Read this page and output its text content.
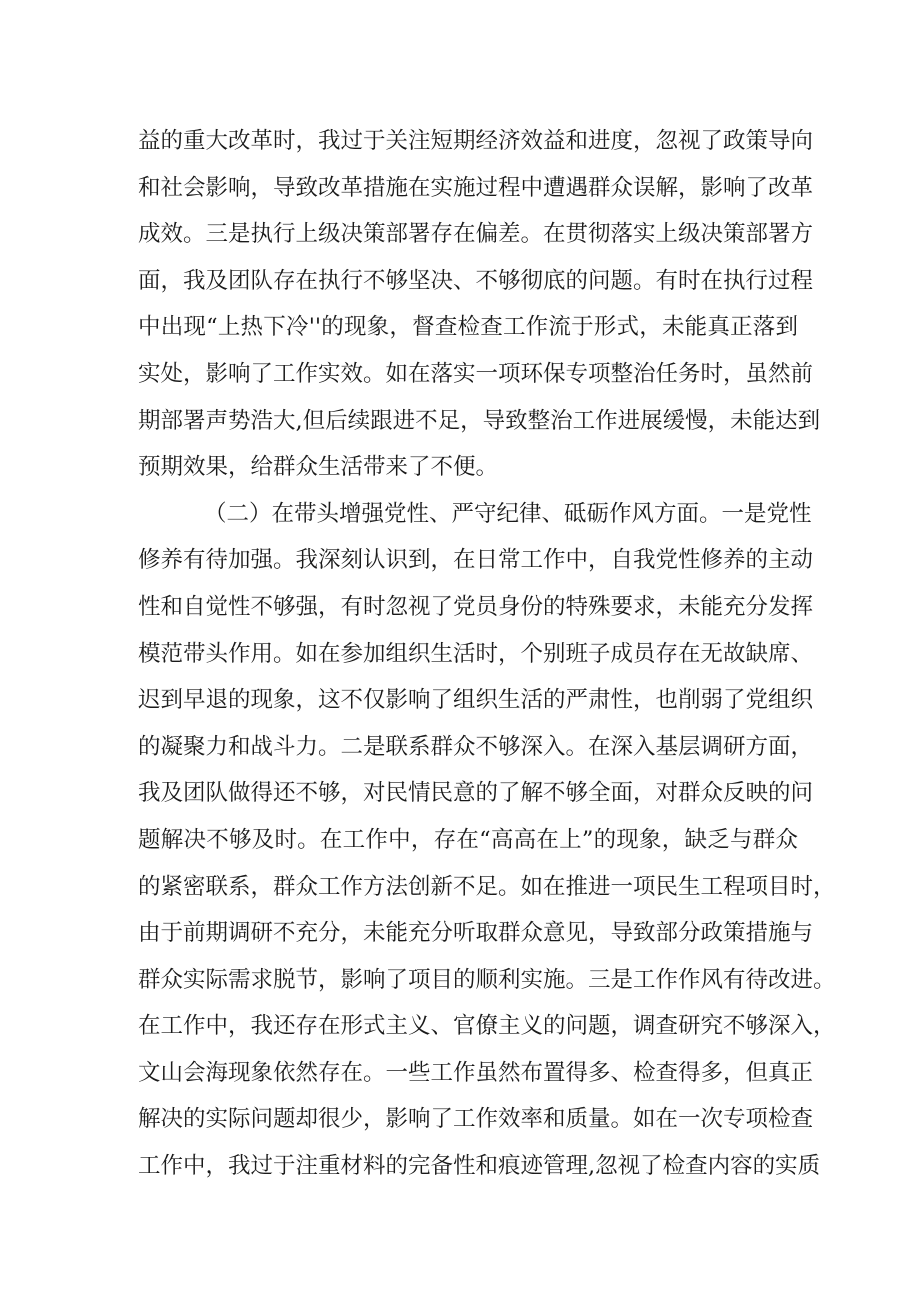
益的重大改革时，我过于关注短期经济效益和进度，忽视了政策导向
和社会影响，导致改革措施在实施过程中遭遇群众误解，影响了改革
成效。三是执行上级决策部署存在偏差。在贯彻落实上级决策部署方
面，我及团队存在执行不够坚决、不够彻底的问题。有时在执行过程
中出现“上热下冷''的现象，督查检查工作流于形式，未能真正落到
实处，影响了工作实效。如在落实一项环保专项整治任务时，虽然前
期部署声势浩大,但后续跟进不足，导致整治工作进展缓慢，未能达到
预期效果，给群众生活带来了不便。
（二）在带头增强党性、严守纪律、砥砺作风方面。一是党性
修养有待加强。我深刻认识到，在日常工作中，自我党性修养的主动
性和自觉性不够强，有时忽视了党员身份的特殊要求，未能充分发挥
模范带头作用。如在参加组织生活时，个别班子成员存在无故缺席、
迟到早退的现象，这不仅影响了组织生活的严肃性，也削弱了党组织
的凝聚力和战斗力。二是联系群众不够深入。在深入基层调研方面，
我及团队做得还不够，对民情民意的了解不够全面，对群众反映的问
题解决不够及时。在工作中，存在“高高在上”的现象，缺乏与群众
的紧密联系，群众工作方法创新不足。如在推进一项民生工程项目时，
由于前期调研不充分，未能充分听取群众意见，导致部分政策措施与
群众实际需求脱节，影响了项目的顺利实施。三是工作作风有待改进。
在工作中，我还存在形式主义、官僚主义的问题，调查研究不够深入，
文山会海现象依然存在。一些工作虽然布置得多、检查得多，但真正
解决的实际问题却很少，影响了工作效率和质量。如在一次专项检查
工作中，我过于注重材料的完备性和痕迹管理,忽视了检查内容的实质
